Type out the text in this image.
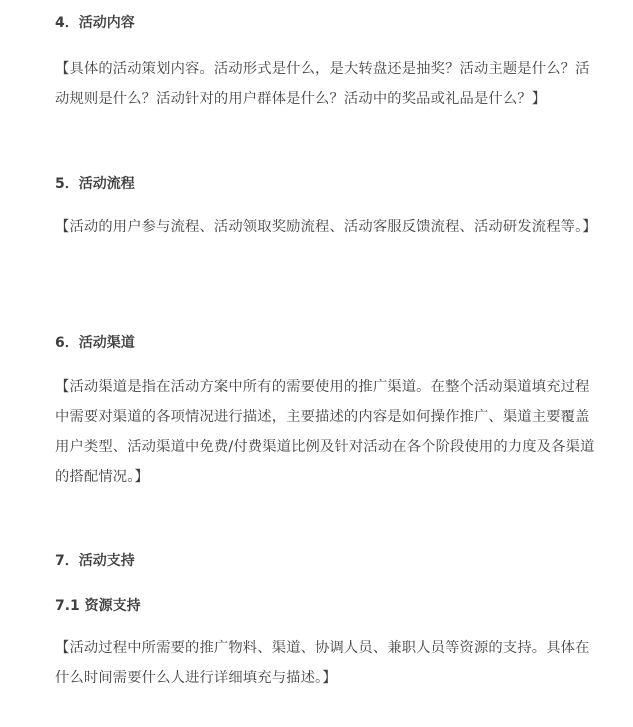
4．活动内容

【具体的活动策划内容。活动形式是什么，是大转盘还是抽奖？活动主题是什么？活动规则是什么？活动针对的用户群体是什么？活动中的奖品或礼品是什么？】

5．活动流程

【活动的用户参与流程、活动领取奖励流程、活动客服反馈流程、活动研发流程等。】

6．活动渠道

【活动渠道是指在活动方案中所有的需要使用的推广渠道。在整个活动渠道填充过程中需要对渠道的各项情况进行描述，主要描述的内容是如何操作推广、渠道主要覆盖用户类型、活动渠道中免费/付费渠道比例及针对活动在各个阶段使用的力度及各渠道的搭配情况。】

7．活动支持
7.1 资源支持

【活动过程中所需要的推广物料、渠道、协调人员、兼职人员等资源的支持。具体在什么时间需要什么人进行详细填充与描述。】
